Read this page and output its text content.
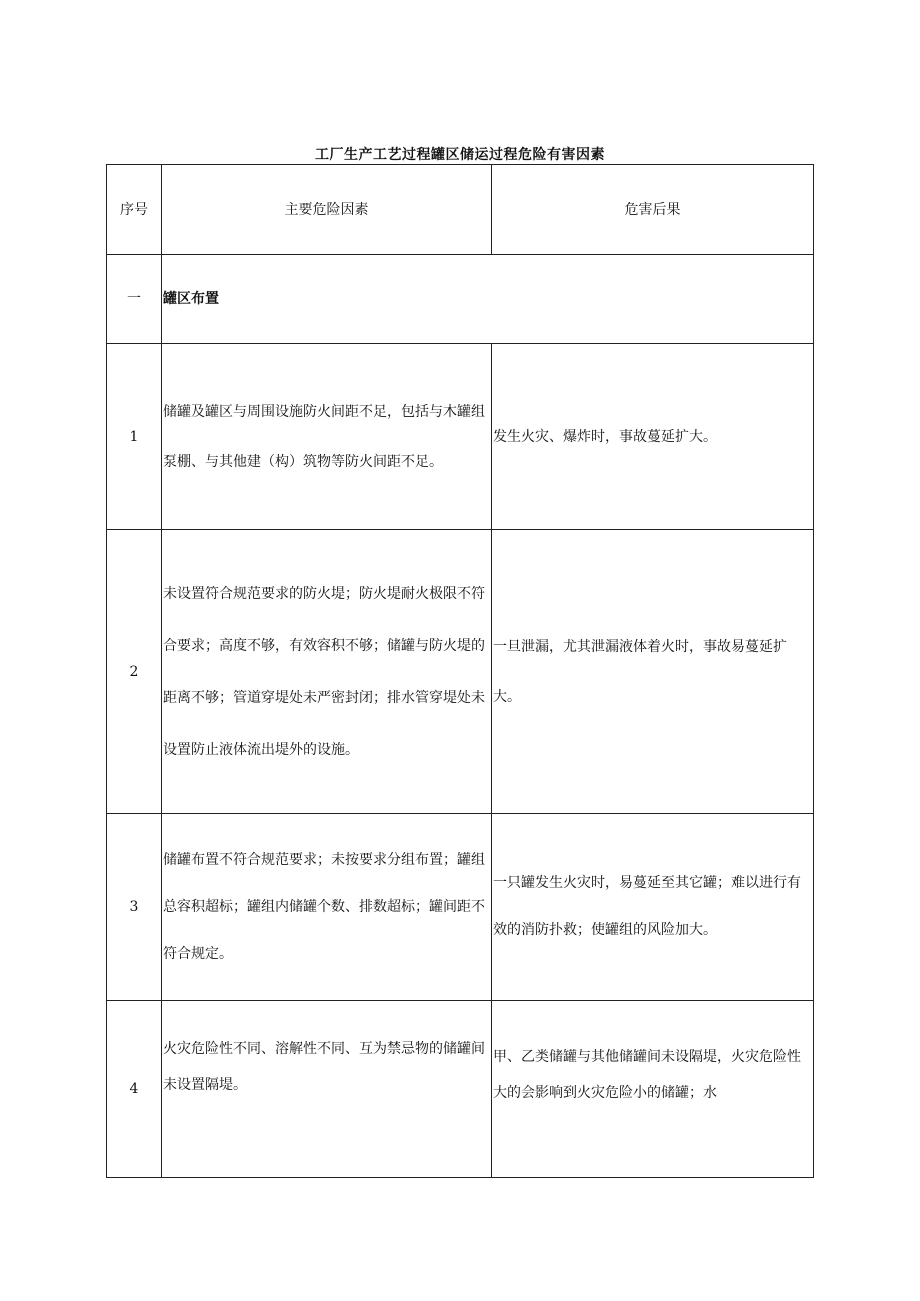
工厂生产工艺过程罐区储运过程危险有害因素
序号	主要危险因素	危害后果
一	罐区布置	
1	储罐及罐区与周围设施防火间距不足，包括与木罐组泵棚、与其他建（构）筑物等防火间距不足。	发生火灾、爆炸时，事故蔓延扩大。

2	未设置符合规范要求的防火堤；防火堤耐火极限不符合要求；高度不够，有效容积不够；储罐与防火堤的距离不够；管道穿堤处未严密封闭；排水管穿堤处未设置防止液体流出堤外的设施。	一旦泄漏，尤其泄漏液体着火时，事故易蔓延扩大。

3	储罐布置不符合规范要求；未按要求分组布置；罐组总容积超标；罐组内储罐个数、排数超标；罐间距不符合规定。	一只罐发生火灾时，易蔓延至其它罐；难以进行有效的消防扑救；使罐组的风险加大。

4	火灾危险性不同、溶解性不同、互为禁忌物的储罐间未设置隔堤。	甲、乙类储罐与其他储罐间未设隔堤，火灾危险性大的会影响到火灾危险小的储罐；水
